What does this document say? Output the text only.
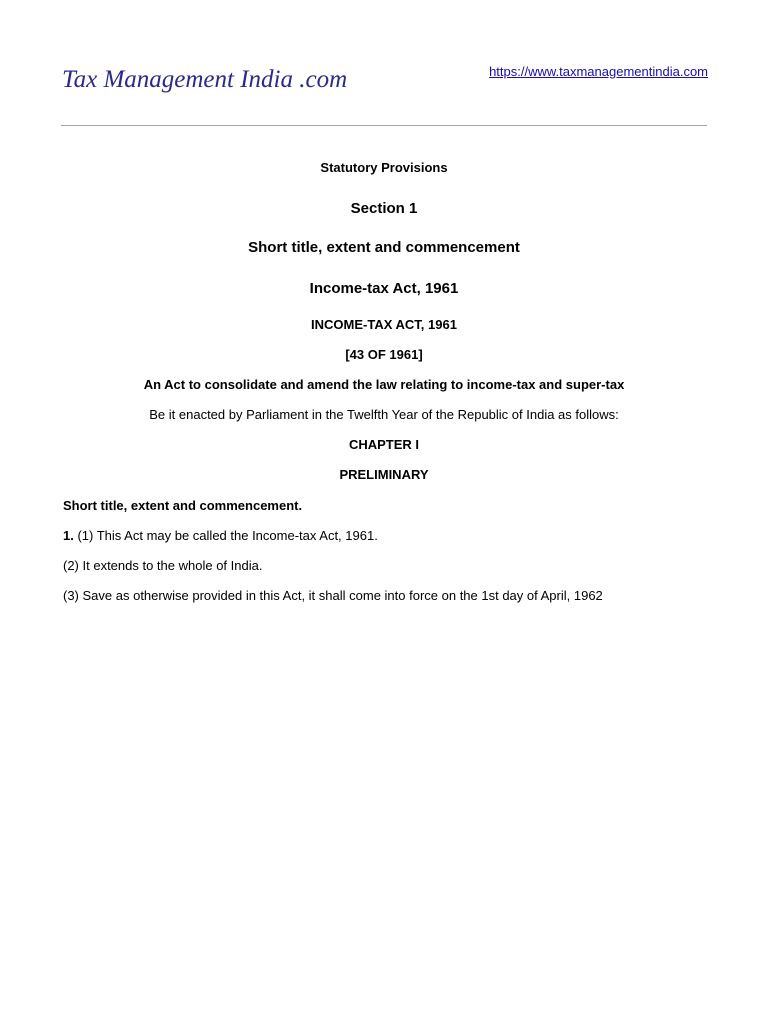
Tax Management India .com	https://www.taxmanagementindia.com
Statutory Provisions
Section 1
Short title, extent and commencement
Income-tax Act, 1961
INCOME-TAX ACT, 1961
[43 OF 1961]
An Act to consolidate and amend the law relating to income-tax and super-tax
Be it enacted by Parliament in the Twelfth Year of the Republic of India as follows:
CHAPTER I
PRELIMINARY
Short title, extent and commencement.
1. (1) This Act may be called the Income-tax Act, 1961.
(2) It extends to the whole of India.
(3) Save as otherwise provided in this Act, it shall come into force on the 1st day of April, 1962
